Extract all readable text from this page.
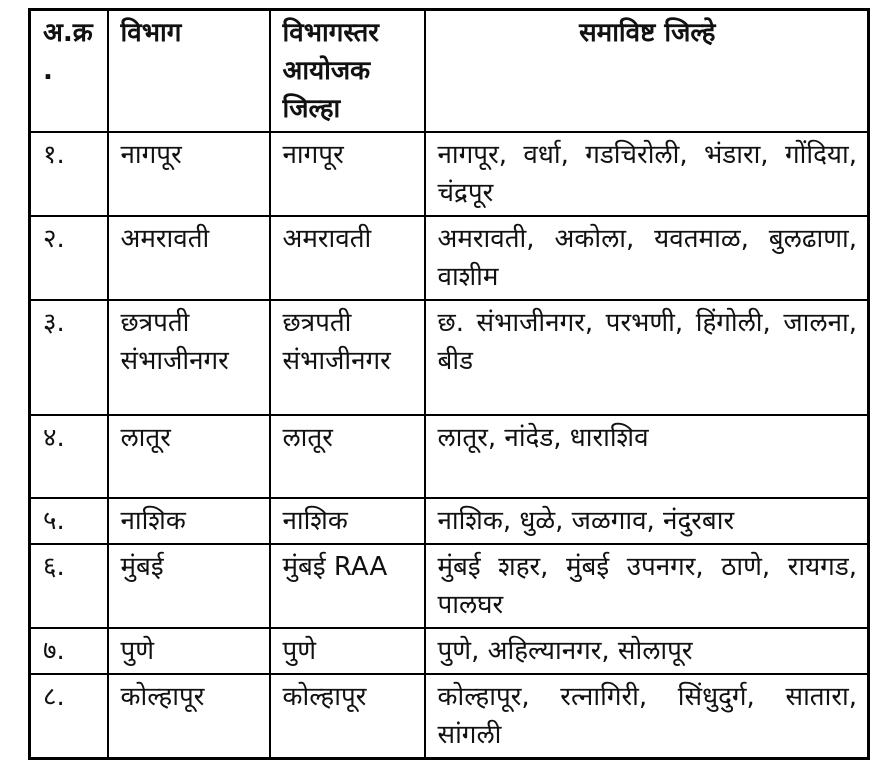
अ.क्र.	विभाग	विभागस्तर आयोजक जिल्हा	समाविष्ट जिल्हे
१.	नागपूर	नागपूर	नागपूर, वर्धा, गडचिरोली, भंडारा, गोंदिया, चंद्रपूर
२.	अमरावती	अमरावती	अमरावती, अकोला, यवतमाळ, बुलढाणा, वाशीम
३.	छत्रपती संभाजीनगर	छत्रपती संभाजीनगर	छ. संभाजीनगर, परभणी, हिंगोली, जालना, बीड
४.	लातूर	लातूर	लातूर, नांदेड, धाराशिव
५.	नाशिक	नाशिक	नाशिक, धुळे, जळगाव, नंदुरबार
६.	मुंबई	मुंबई RAA	मुंबई शहर, मुंबई उपनगर, ठाणे, रायगड, पालघर
७.	पुणे	पुणे	पुणे, अहिल्यानगर, सोलापूर
८.	कोल्हापूर	कोल्हापूर	कोल्हापूर, रत्नागिरी, सिंधुदुर्ग, सातारा, सांगली
